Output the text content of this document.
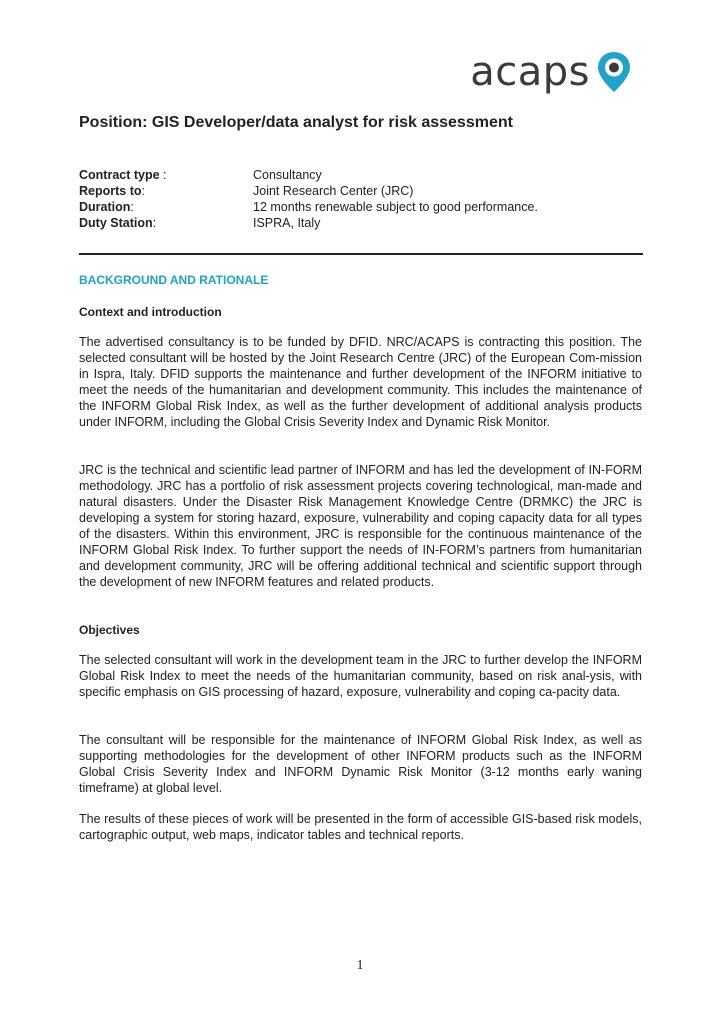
acaps
Position: GIS Developer/data analyst for risk assessment
Contract type :	Consultancy
Reports to:	Joint Research Center (JRC)
Duration:	12 months renewable subject to good performance.
Duty Station:	ISPRA, Italy
BACKGROUND AND RATIONALE
Context and introduction

The advertised consultancy is to be funded by DFID. NRC/ACAPS is contracting this position. The selected consultant will be hosted by the Joint Research Centre (JRC) of the European Com-mission in Ispra, Italy. DFID supports the maintenance and further development of the INFORM initiative to meet the needs of the humanitarian and development community. This includes the maintenance of the INFORM Global Risk Index, as well as the further development of additional analysis products under INFORM, including the Global Crisis Severity Index and Dynamic Risk Monitor.

JRC is the technical and scientific lead partner of INFORM and has led the development of IN-FORM methodology. JRC has a portfolio of risk assessment projects covering technological, man-made and natural disasters. Under the Disaster Risk Management Knowledge Centre (DRMKC) the JRC is developing a system for storing hazard, exposure, vulnerability and coping capacity data for all types of the disasters. Within this environment, JRC is responsible for the continuous maintenance of the INFORM Global Risk Index. To further support the needs of IN-FORM’s partners from humanitarian and development community, JRC will be offering additional technical and scientific support through the development of new INFORM features and related products.

Objectives

The selected consultant will work in the development team in the JRC to further develop the INFORM Global Risk Index to meet the needs of the humanitarian community, based on risk anal-ysis, with specific emphasis on GIS processing of hazard, exposure, vulnerability and coping ca-pacity data.

The consultant will be responsible for the maintenance of INFORM Global Risk Index, as well as supporting methodologies for the development of other INFORM products such as the INFORM Global Crisis Severity Index and INFORM Dynamic Risk Monitor (3-12 months early waning timeframe) at global level.

The results of these pieces of work will be presented in the form of accessible GIS-based risk models, cartographic output, web maps, indicator tables and technical reports.

1
